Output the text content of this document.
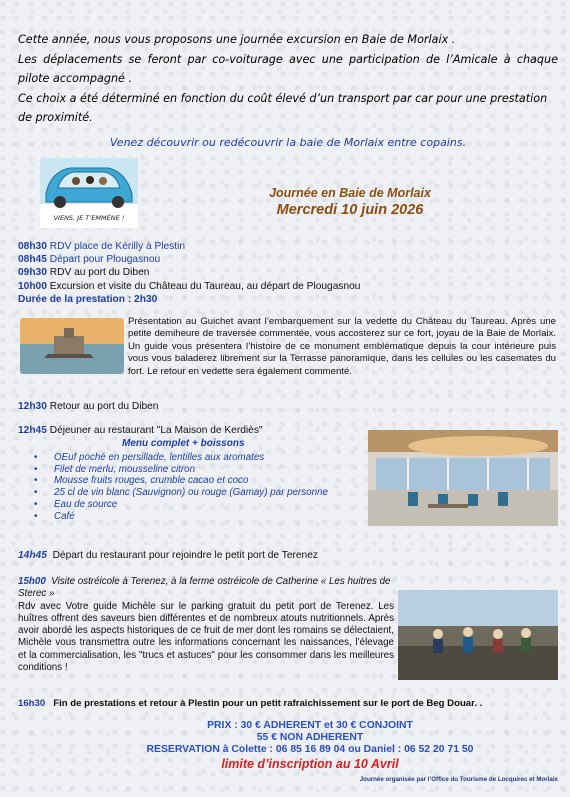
Cette année, nous vous proposons une journée excursion en Baie de Morlaix .

Les déplacements se feront par co-voiturage avec une participation de l’Amicale à chaque pilote accompagné .

Ce choix a été déterminé en fonction du coût élevé d’un transport par car pour une prestation de proximité.

Venez découvrir ou redécouvrir la baie de Morlaix entre copains.
VIENS, JE T’EMMÈNE !
Journée en Baie de Morlaix
Mercredi 10 juin 2026
08h30 RDV place de Kérilly à Plestin
08h45 Départ pour Plougasnou
09h30 RDV au port du Diben
10h00 Excursion et visite du Château du Taureau, au départ de Plougasnou
Durée de la prestation : 2h30
Présentation au Guichet avant l’embarquement sur la vedette du Château du Taureau. Après une petite demiheure de traversée commentée, vous accosterez sur ce fort, joyau de la Baie de Morlaix. Un guide vous présentera l’histoire de ce monument emblématique depuis la cour intérieure puis vous vous baladerez librement sur la Terrasse panoramique, dans les cellules ou les casemates du fort. Le retour en vedette sera également commenté.
12h30 Retour au port du Diben
12h45 Déjeuner au restaurant "La Maison de Kerdiès"
Menu complet + boissons
• OEuf poché en persillade, lentilles aux aromates
• Filet de merlu, mousseline citron
• Mousse fruits rouges, crumble cacao et coco
• 25 cl de vin blanc (Sauvignon) ou rouge (Gamay) par personne
• Eau de source
• Café
14h45 Départ du restaurant pour rejoindre le petit port de Terenez
15h00 Visite ostréicole à Terenez, à la ferme ostréicole de Catherine « Les huitres de Sterec »
Rdv avec Votre guide Michèle sur le parking gratuit du petit port de Terenez. Les huîtres offrent des saveurs bien différentes et de nombreux atouts nutritionnels. Après avoir abordé les aspects historiques de ce fruit de mer dont les romains se délectaient, Michèle vous transmettra outre les informations concernant les naissances, l’élevage et la commercialisation, les "trucs et astuces" pour les consommer dans les meilleures conditions !
16h30 Fin de prestations et retour à Plestin pour un petit rafraichissement sur le port de Beg Douar. .
PRIX : 30 € ADHERENT et 30 € CONJOINT
55 € NON ADHERENT
RESERVATION à Colette : 06 85 16 89 04 ou Daniel : 06 52 20 71 50
limite d’inscription au 10 Avril
Journée organisée par l’Office du Tourisme de Locquirec et Morlaix
